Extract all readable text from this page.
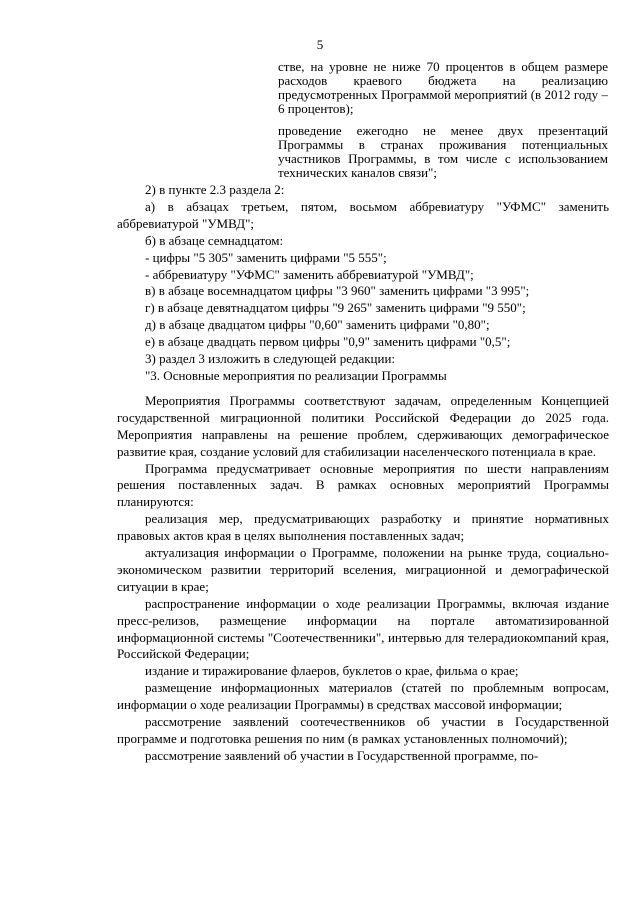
5

стве, на уровне не ниже 70 процентов в общем размере расходов краевого бюджета на реализацию предусмотренных Программой мероприятий (в 2012 году – 6 процентов);

проведение ежегодно не менее двух презентаций Программы в странах проживания потенциальных участников Программы, в том числе с использованием технических каналов связи";

2) в пункте 2.3 раздела 2:

а) в абзацах третьем, пятом, восьмом аббревиатуру "УФМС" заменить аббревиатурой "УМВД";

б) в абзаце семнадцатом:

- цифры "5 305" заменить цифрами "5 555";

- аббревиатуру "УФМС" заменить аббревиатурой "УМВД";

в) в абзаце восемнадцатом цифры "3 960" заменить цифрами "3 995";

г) в абзаце девятнадцатом цифры "9 265" заменить цифрами "9 550";

д) в абзаце двадцатом цифры "0,60" заменить цифрами "0,80";

е) в абзаце двадцать первом цифры "0,9" заменить цифрами "0,5";

3) раздел 3 изложить в следующей редакции:

"3. Основные мероприятия по реализации Программы

Мероприятия Программы соответствуют задачам, определенным Концепцией государственной миграционной политики Российской Федерации до 2025 года. Мероприятия направлены на решение проблем, сдерживающих демографическое развитие края, создание условий для стабилизации населенческого потенциала в крае.

Программа предусматривает основные мероприятия по шести направлениям решения поставленных задач. В рамках основных мероприятий Программы планируются:

реализация мер, предусматривающих разработку и принятие нормативных правовых актов края в целях выполнения поставленных задач;

актуализация информации о Программе, положении на рынке труда, социально-экономическом развитии территорий вселения, миграционной и демографической ситуации в крае;

распространение информации о ходе реализации Программы, включая издание пресс-релизов, размещение информации на портале автоматизированной информационной системы "Соотечественники", интервью для телерадиокомпаний края, Российской Федерации;

издание и тиражирование флаеров, буклетов о крае, фильма о крае;

размещение информационных материалов (статей по проблемным вопросам, информации о ходе реализации Программы) в средствах массовой информации;

рассмотрение заявлений соотечественников об участии в Государственной программе и подготовка решения по ним (в рамках установленных полномочий);

рассмотрение заявлений об участии в Государственной программе, по-
